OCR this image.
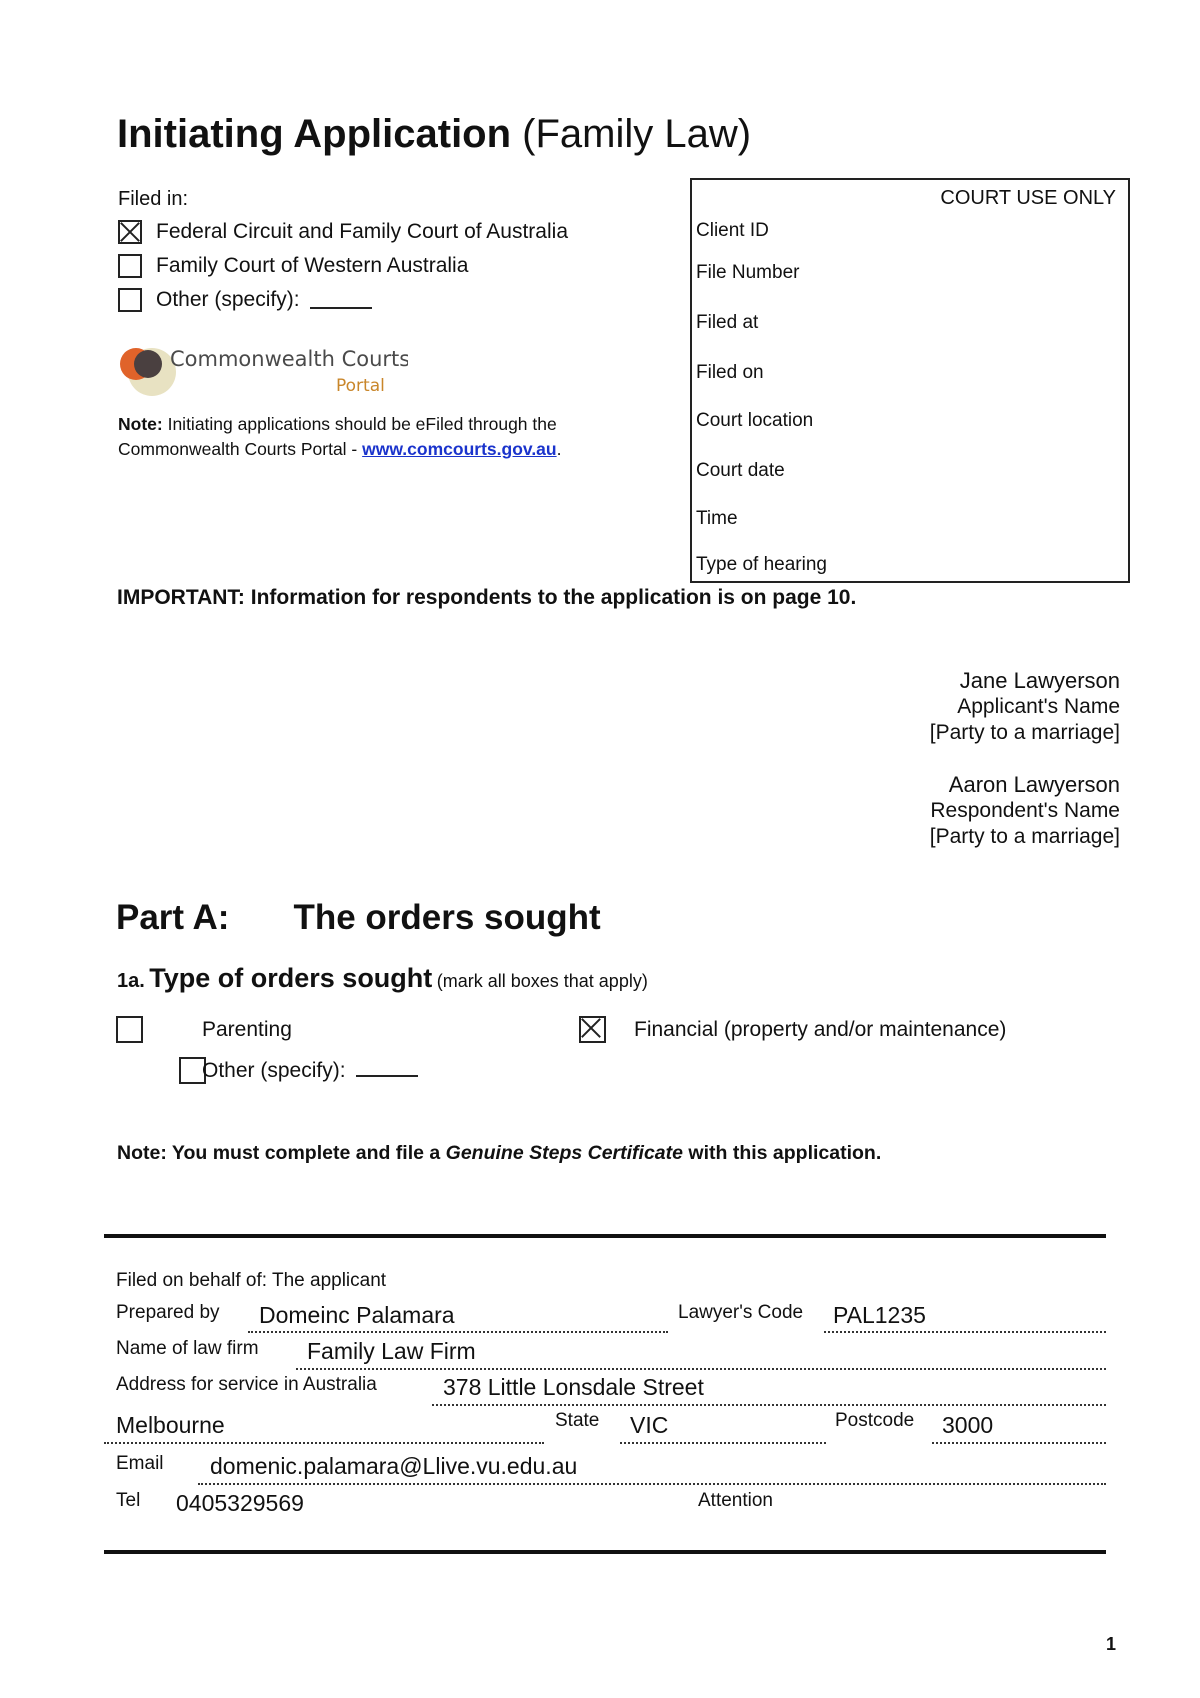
Initiating Application (Family Law)
Filed in:
Federal Circuit and Family Court of Australia
Family Court of Western Australia
Other (specify):
Commonwealth Courts
Portal
Note: Initiating applications should be eFiled through the Commonwealth Courts Portal - www.comcourts.gov.au.
COURT USE ONLY
Client ID
File Number
Filed at
Filed on
Court location
Court date
Time
Type of hearing
IMPORTANT: Information for respondents to the application is on page 10.
Jane Lawyerson
Applicant's Name
[Party to a marriage]
Aaron Lawyerson
Respondent's Name
[Party to a marriage]
Part A: The orders sought
1a. Type of orders sought (mark all boxes that apply)

Parenting
	Financial (property and/or maintenance)
Other (specify):
Note: You must complete and file a Genuine Steps Certificate with this application.
Filed on behalf of: The applicant
Prepared by Domeinc Palamara	Lawyer's Code PAL1235
Name of law firm Family Law Firm
Address for service in Australia	378 Little Lonsdale Street
Melbourne	State VIC	Postcode 3000
Email domenic.palamara@Llive.vu.edu.au
Tel 0405329569	Attention
1
